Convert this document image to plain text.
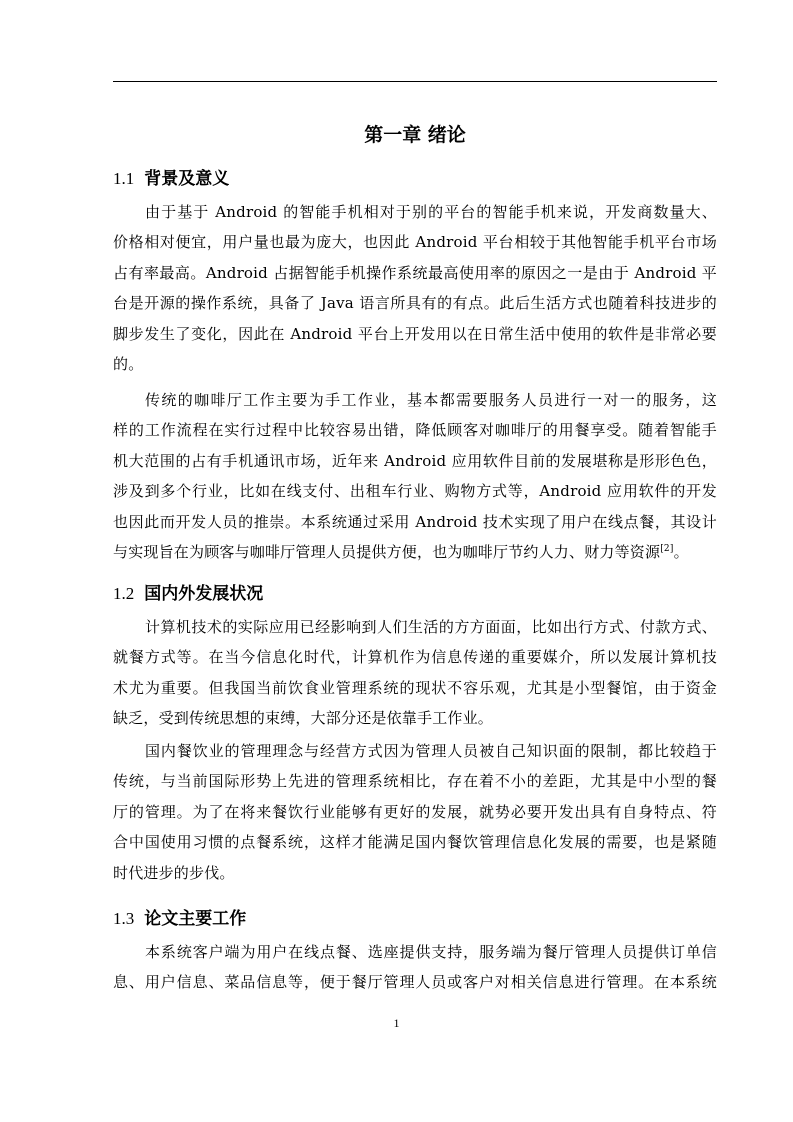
第一章 绪论
1.1 背景及意义

由于基于 Android 的智能手机相对于别的平台的智能手机来说，开发商数量大、
价格相对便宜，用户量也最为庞大，也因此 Android 平台相较于其他智能手机平台市场
占有率最高。Android 占据智能手机操作系统最高使用率的原因之一是由于 Android 平
台是开源的操作系统，具备了 Java 语言所具有的有点。此后生活方式也随着科技进步的
脚步发生了变化，因此在 Android 平台上开发用以在日常生活中使用的软件是非常必要
的。

传统的咖啡厅工作主要为手工作业，基本都需要服务人员进行一对一的服务，这
样的工作流程在实行过程中比较容易出错，降低顾客对咖啡厅的用餐享受。随着智能手
机大范围的占有手机通讯市场，近年来 Android 应用软件目前的发展堪称是形形色色，
涉及到多个行业，比如在线支付、出租车行业、购物方式等，Android 应用软件的开发
也因此而开发人员的推崇。本系统通过采用 Android 技术实现了用户在线点餐，其设计
与实现旨在为顾客与咖啡厅管理人员提供方便，也为咖啡厅节约人力、财力等资源[2]。

1.2 国内外发展状况

计算机技术的实际应用已经影响到人们生活的方方面面，比如出行方式、付款方式、
就餐方式等。在当今信息化时代，计算机作为信息传递的重要媒介，所以发展计算机技
术尤为重要。但我国当前饮食业管理系统的现状不容乐观，尤其是小型餐馆，由于资金
缺乏，受到传统思想的束缚，大部分还是依靠手工作业。

国内餐饮业的管理理念与经营方式因为管理人员被自己知识面的限制，都比较趋于
传统，与当前国际形势上先进的管理系统相比，存在着不小的差距，尤其是中小型的餐
厅的管理。为了在将来餐饮行业能够有更好的发展，就势必要开发出具有自身特点、符
合中国使用习惯的点餐系统，这样才能满足国内餐饮管理信息化发展的需要，也是紧随
时代进步的步伐。

1.3 论文主要工作

本系统客户端为用户在线点餐、选座提供支持，服务端为餐厅管理人员提供订单信
息、用户信息、菜品信息等，便于餐厅管理人员或客户对相关信息进行管理。在本系统

1
